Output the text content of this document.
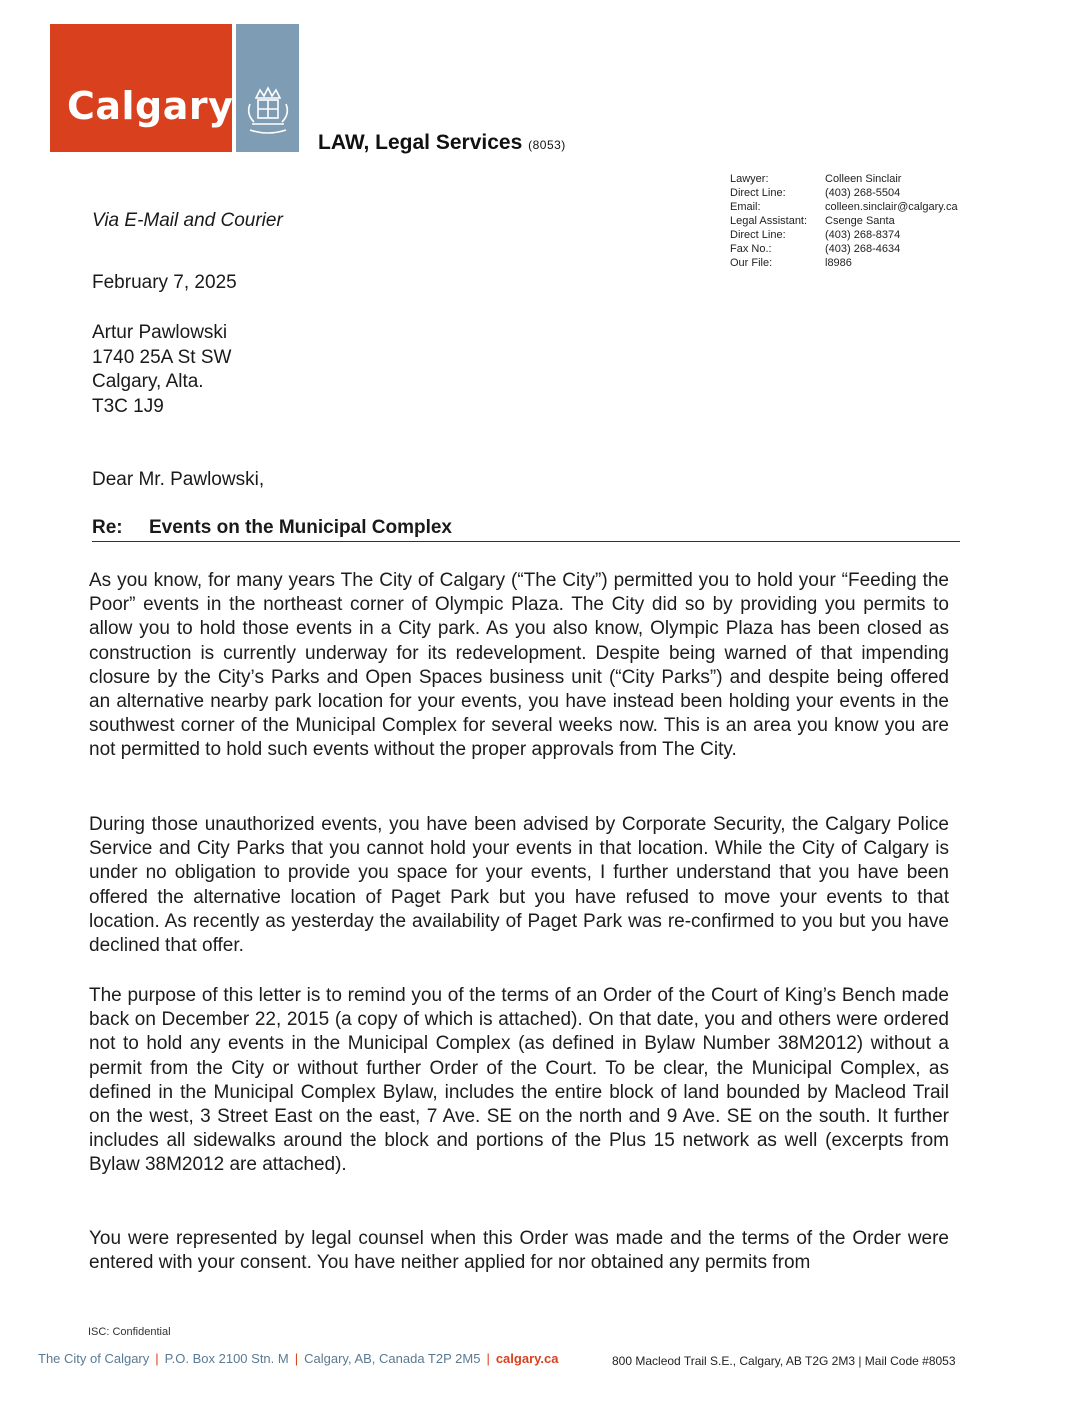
Calgary
LAW, Legal Services (8053)
Lawyer:	Colleen Sinclair
Direct Line:	(403) 268-5504
Email:	colleen.sinclair@calgary.ca
Legal Assistant:	Csenge Santa
Direct Line:	(403) 268-8374
Fax No.:	(403) 268-4634
Our File:	l8986
Via E-Mail and Courier
February 7, 2025
Artur Pawlowski
1740 25A St SW
Calgary, Alta.
T3C 1J9
Dear Mr. Pawlowski,
Re: Events on the Municipal Complex

As you know, for many years The City of Calgary (“The City”) permitted you to hold your “Feeding the Poor” events in the northeast corner of Olympic Plaza. The City did so by providing you permits to allow you to hold those events in a City park. As you also know, Olympic Plaza has been closed as construction is currently underway for its redevelopment. Despite being warned of that impending closure by the City’s Parks and Open Spaces business unit (“City Parks”) and despite being offered an alternative nearby park location for your events, you have instead been holding your events in the southwest corner of the Municipal Complex for several weeks now. This is an area you know you are not permitted to hold such events without the proper approvals from The City.

During those unauthorized events, you have been advised by Corporate Security, the Calgary Police Service and City Parks that you cannot hold your events in that location. While the City of Calgary is under no obligation to provide you space for your events, I further understand that you have been offered the alternative location of Paget Park but you have refused to move your events to that location. As recently as yesterday the availability of Paget Park was re-confirmed to you but you have declined that offer.

The purpose of this letter is to remind you of the terms of an Order of the Court of King’s Bench made back on December 22, 2015 (a copy of which is attached). On that date, you and others were ordered not to hold any events in the Municipal Complex (as defined in Bylaw Number 38M2012) without a permit from the City or without further Order of the Court. To be clear, the Municipal Complex, as defined in the Municipal Complex Bylaw, includes the entire block of land bounded by Macleod Trail on the west, 3 Street East on the east, 7 Ave. SE on the north and 9 Ave. SE on the south. It further includes all sidewalks around the block and portions of the Plus 15 network as well (excerpts from Bylaw 38M2012 are attached).

You were represented by legal counsel when this Order was made and the terms of the Order were entered with your consent. You have neither applied for nor obtained any permits from

ISC: Confidential
The City of Calgary | P.O. Box 2100 Stn. M | Calgary, AB, Canada T2P 2M5 | calgary.ca	800 Macleod Trail S.E., Calgary, AB T2G 2M3 | Mail Code #8053
